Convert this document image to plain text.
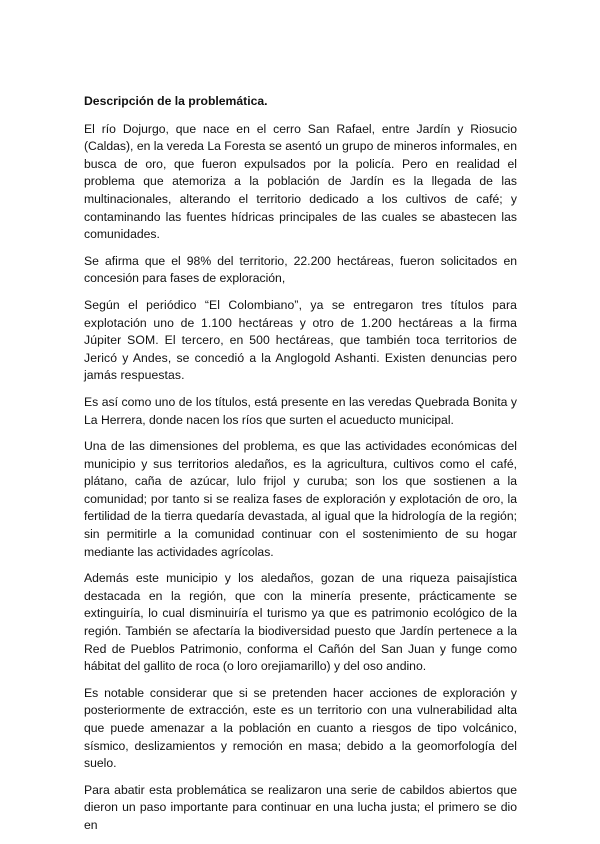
Descripción de la problemática.

El río Dojurgo, que nace en el cerro San Rafael, entre Jardín y Riosucio (Caldas), en la vereda La Foresta se asentó un grupo de mineros informales, en busca de oro, que fueron expulsados por la policía. Pero en realidad el problema que atemoriza a la población de Jardín es la llegada de las multinacionales, alterando el territorio dedicado a los cultivos de café; y contaminando las fuentes hídricas principales de las cuales se abastecen las comunidades.

Se afirma que el 98% del territorio, 22.200 hectáreas, fueron solicitados en concesión para fases de exploración,

Según el periódico “El Colombiano”, ya se entregaron tres títulos para explotación uno de 1.100 hectáreas y otro de 1.200 hectáreas a la firma Júpiter SOM. El tercero, en 500 hectáreas, que también toca territorios de Jericó y Andes, se concedió a la Anglogold Ashanti. Existen denuncias pero jamás respuestas.

Es así como uno de los títulos, está presente en las veredas Quebrada Bonita y La Herrera, donde nacen los ríos que surten el acueducto municipal.

Una de las dimensiones del problema, es que las actividades económicas del municipio y sus territorios aledaños, es la agricultura, cultivos como el café, plátano, caña de azúcar, lulo frijol y curuba; son los que sostienen a la comunidad; por tanto si se realiza fases de exploración y explotación de oro, la fertilidad de la tierra quedaría devastada, al igual que la hidrología de la región; sin permitirle a la comunidad continuar con el sostenimiento de su hogar mediante las actividades agrícolas.

Además este municipio y los aledaños, gozan de una riqueza paisajística destacada en la región, que con la minería presente, prácticamente se extinguiría, lo cual disminuiría el turismo ya que es patrimonio ecológico de la región. También se afectaría la biodiversidad puesto que Jardín pertenece a la Red de Pueblos Patrimonio, conforma el Cañón del San Juan y funge como hábitat del gallito de roca (o loro orejiamarillo) y del oso andino.

Es notable considerar que si se pretenden hacer acciones de exploración y posteriormente de extracción, este es un territorio con una vulnerabilidad alta que puede amenazar a la población en cuanto a riesgos de tipo volcánico, sísmico, deslizamientos y remoción en masa; debido a la geomorfología del suelo.

Para abatir esta problemática se realizaron una serie de cabildos abiertos que dieron un paso importante para continuar en una lucha justa; el primero se dio en
